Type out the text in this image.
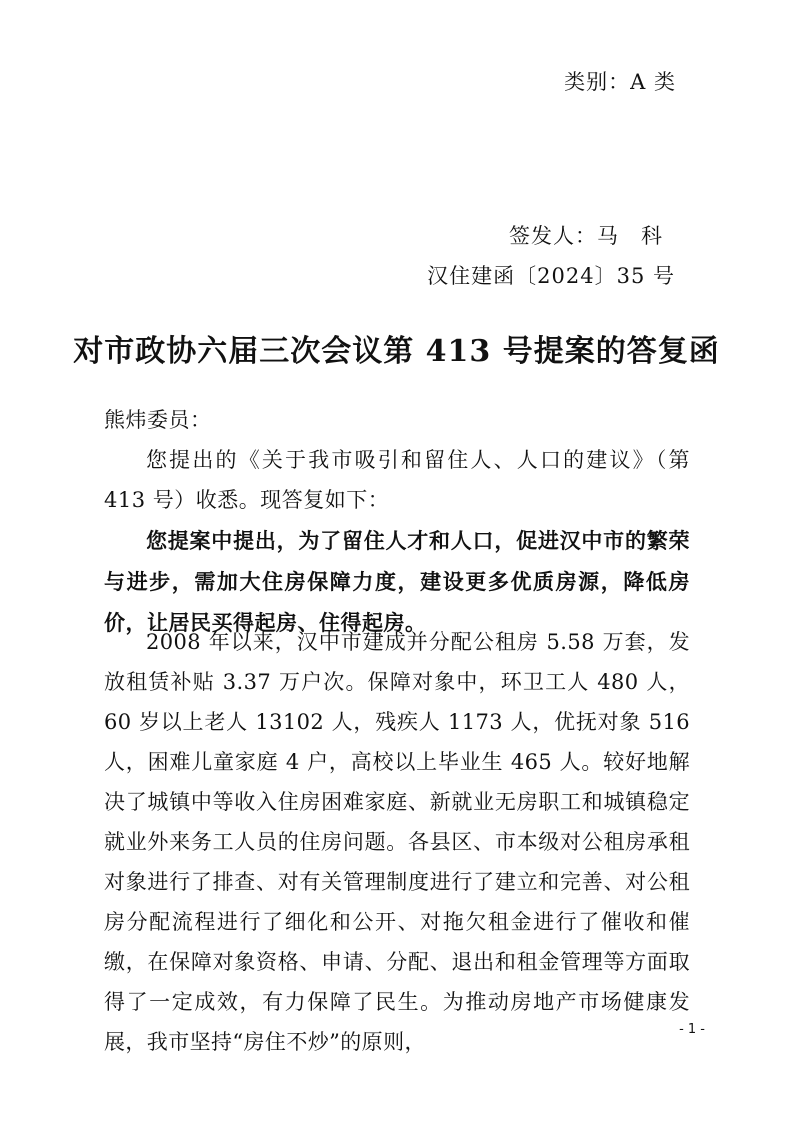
类别：A 类
签发人：马　科
汉住建函〔2024〕35 号
对市政协六届三次会议第 413 号提案的答复函
熊炜委员：
您提出的《关于我市吸引和留住人、人口的建议》（第 413 号）收悉。现答复如下：
您提案中提出，为了留住人才和人口，促进汉中市的繁荣与进步，需加大住房保障力度，建设更多优质房源，降低房价，让居民买得起房、住得起房。
2008 年以来，汉中市建成并分配公租房 5.58 万套，发放租赁补贴 3.37 万户次。保障对象中，环卫工人 480 人，60 岁以上老人 13102 人，残疾人 1173 人，优抚对象 516 人，困难儿童家庭 4 户，高校以上毕业生 465 人。较好地解决了城镇中等收入住房困难家庭、新就业无房职工和城镇稳定就业外来务工人员的住房问题。各县区、市本级对公租房承租对象进行了排查、对有关管理制度进行了建立和完善、对公租房分配流程进行了细化和公开、对拖欠租金进行了催收和催缴，在保障对象资格、申请、分配、退出和租金管理等方面取得了一定成效，有力保障了民生。为推动房地产市场健康发展，我市坚持“房住不炒”的原则，
- 1 -
